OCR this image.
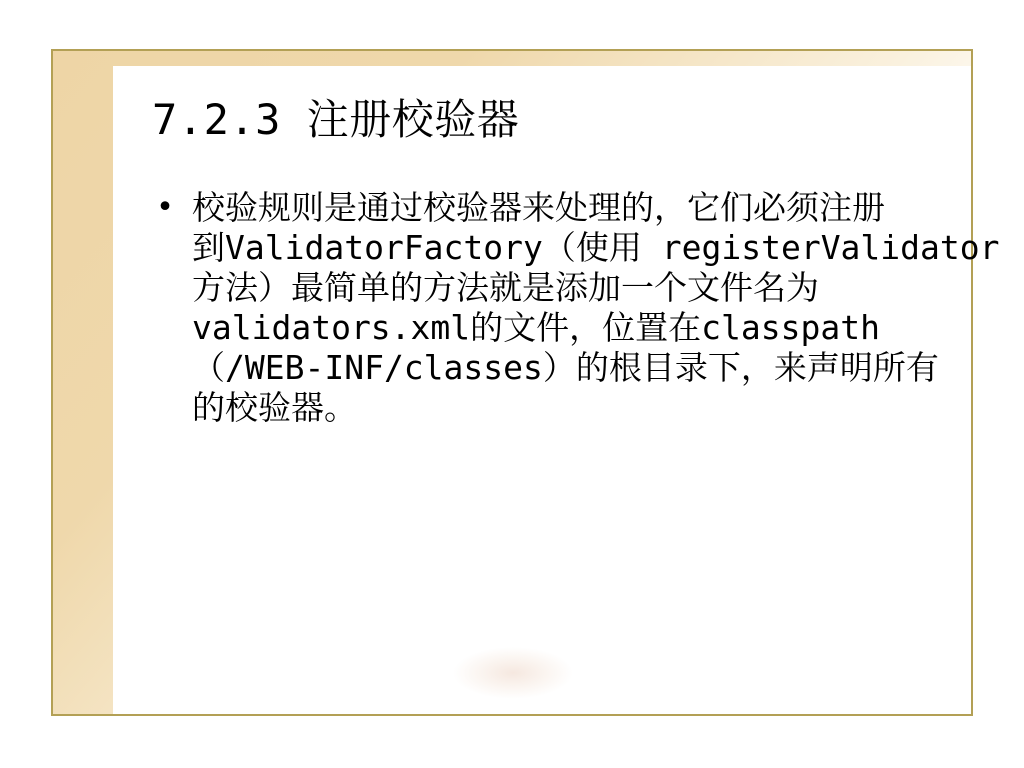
7.2.3 注册校验器
• 校验规则是通过校验器来处理的，它们必须注册
到ValidatorFactory（使用 registerValidator
方法）最简单的方法就是添加一个文件名为
validators.xml的文件，位置在classpath
（/WEB-INF/classes）的根目录下，来声明所有
的校验器。
